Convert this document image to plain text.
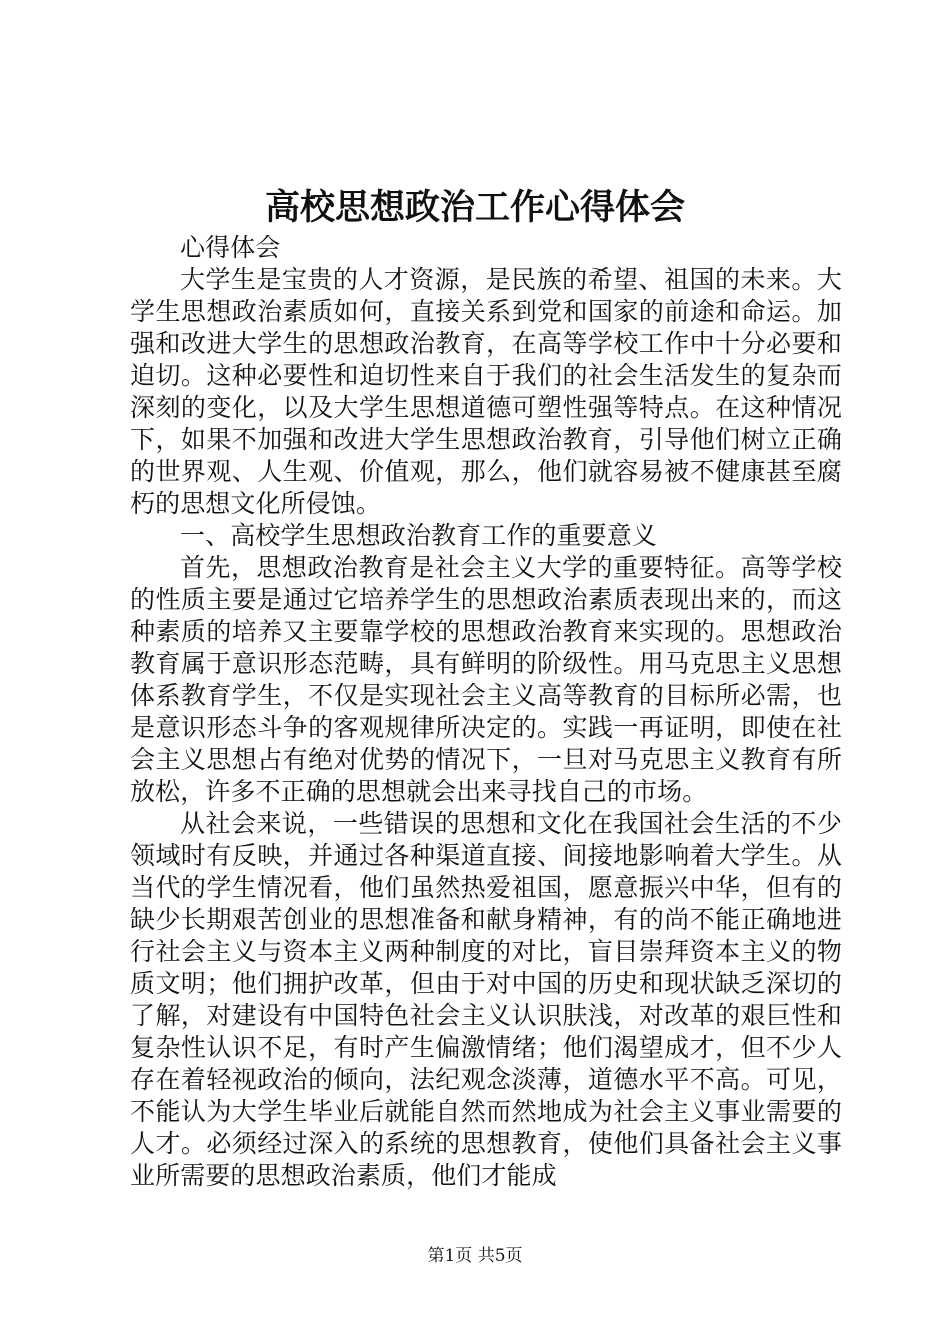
高校思想政治工作心得体会

心得体会

大学生是宝贵的人才资源，是民族的希望、祖国的未来。大学生思想政治素质如何，直接关系到党和国家的前途和命运。加强和改进大学生的思想政治教育，在高等学校工作中十分必要和迫切。这种必要性和迫切性来自于我们的社会生活发生的复杂而深刻的变化，以及大学生思想道德可塑性强等特点。在这种情况下，如果不加强和改进大学生思想政治教育，引导他们树立正确的世界观、人生观、价值观，那么，他们就容易被不健康甚至腐朽的思想文化所侵蚀。

一、高校学生思想政治教育工作的重要意义

首先，思想政治教育是社会主义大学的重要特征。高等学校的性质主要是通过它培养学生的思想政治素质表现出来的，而这种素质的培养又主要靠学校的思想政治教育来实现的。思想政治教育属于意识形态范畴，具有鲜明的阶级性。用马克思主义思想体系教育学生，不仅是实现社会主义高等教育的目标所必需，也是意识形态斗争的客观规律所决定的。实践一再证明，即使在社会主义思想占有绝对优势的情况下，一旦对马克思主义教育有所放松，许多不正确的思想就会出来寻找自己的市场。

从社会来说，一些错误的思想和文化在我国社会生活的不少领域时有反映，并通过各种渠道直接、间接地影响着大学生。从当代的学生情况看，他们虽然热爱祖国，愿意振兴中华，但有的缺少长期艰苦创业的思想准备和献身精神，有的尚不能正确地进行社会主义与资本主义两种制度的对比，盲目崇拜资本主义的物质文明；他们拥护改革，但由于对中国的历史和现状缺乏深切的了解，对建设有中国特色社会主义认识肤浅，对改革的艰巨性和复杂性认识不足，有时产生偏激情绪；他们渴望成才，但不少人存在着轻视政治的倾向，法纪观念淡薄，道德水平不高。可见，不能认为大学生毕业后就能自然而然地成为社会主义事业需要的人才。必须经过深入的系统的思想教育，使他们具备社会主义事业所需要的思想政治素质，他们才能成

第1页 共5页
